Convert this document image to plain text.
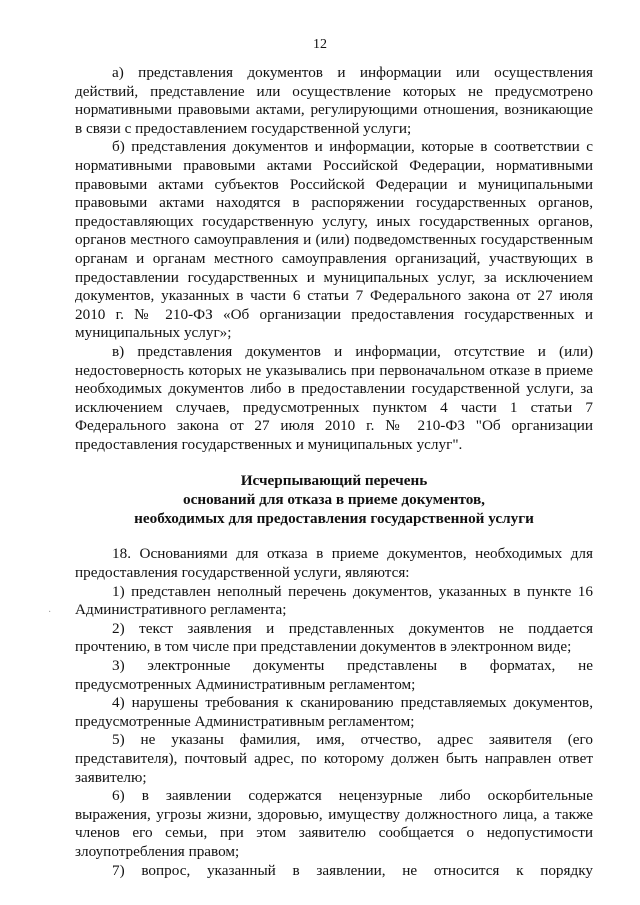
12
·

а) представления документов и информации или осуществления действий, представление или осуществление которых не предусмотрено нормативными правовыми актами, регулирующими отношения, возникающие в связи с предоставлением государственной услуги;

б) представления документов и информации, которые в соответствии с нормативными правовыми актами Российской Федерации, нормативными правовыми актами субъектов Российской Федерации и муниципальными правовыми актами находятся в распоряжении государственных органов, предоставляющих государственную услугу, иных государственных органов, органов местного самоуправления и (или) подведомственных государственным органам и органам местного самоуправления организаций, участвующих в предоставлении государственных и муниципальных услуг, за исключением документов, указанных в части 6 статьи 7 Федерального закона от 27 июля 2010 г. № 210-ФЗ «Об организации предоставления государственных и муниципальных услуг»;

в) представления документов и информации, отсутствие и (или) недостоверность которых не указывались при первоначальном отказе в приеме необходимых документов либо в предоставлении государственной услуги, за исключением случаев, предусмотренных пунктом 4 части 1 статьи 7 Федерального закона от 27 июля 2010 г. № 210-ФЗ "Об организации предоставления государственных и муниципальных услуг".

Исчерпывающий перечень

оснований для отказа в приеме документов,

необходимых для предоставления государственной услуги

18. Основаниями для отказа в приеме документов, необходимых для предоставления государственной услуги, являются:

1) представлен неполный перечень документов, указанных в пункте 16 Административного регламента;

2) текст заявления и представленных документов не поддается прочтению, в том числе при представлении документов в электронном виде;

3) электронные документы представлены в форматах, не предусмотренных Административным регламентом;

4) нарушены требования к сканированию представляемых документов, предусмотренные Административным регламентом;

5) не указаны фамилия, имя, отчество, адрес заявителя (его представителя), почтовый адрес, по которому должен быть направлен ответ заявителю;

6) в заявлении содержатся нецензурные либо оскорбительные выражения, угрозы жизни, здоровью, имуществу должностного лица, а также членов его семьи, при этом заявителю сообщается о недопустимости злоупотребления правом;

7) вопрос, указанный в заявлении, не относится к порядку
